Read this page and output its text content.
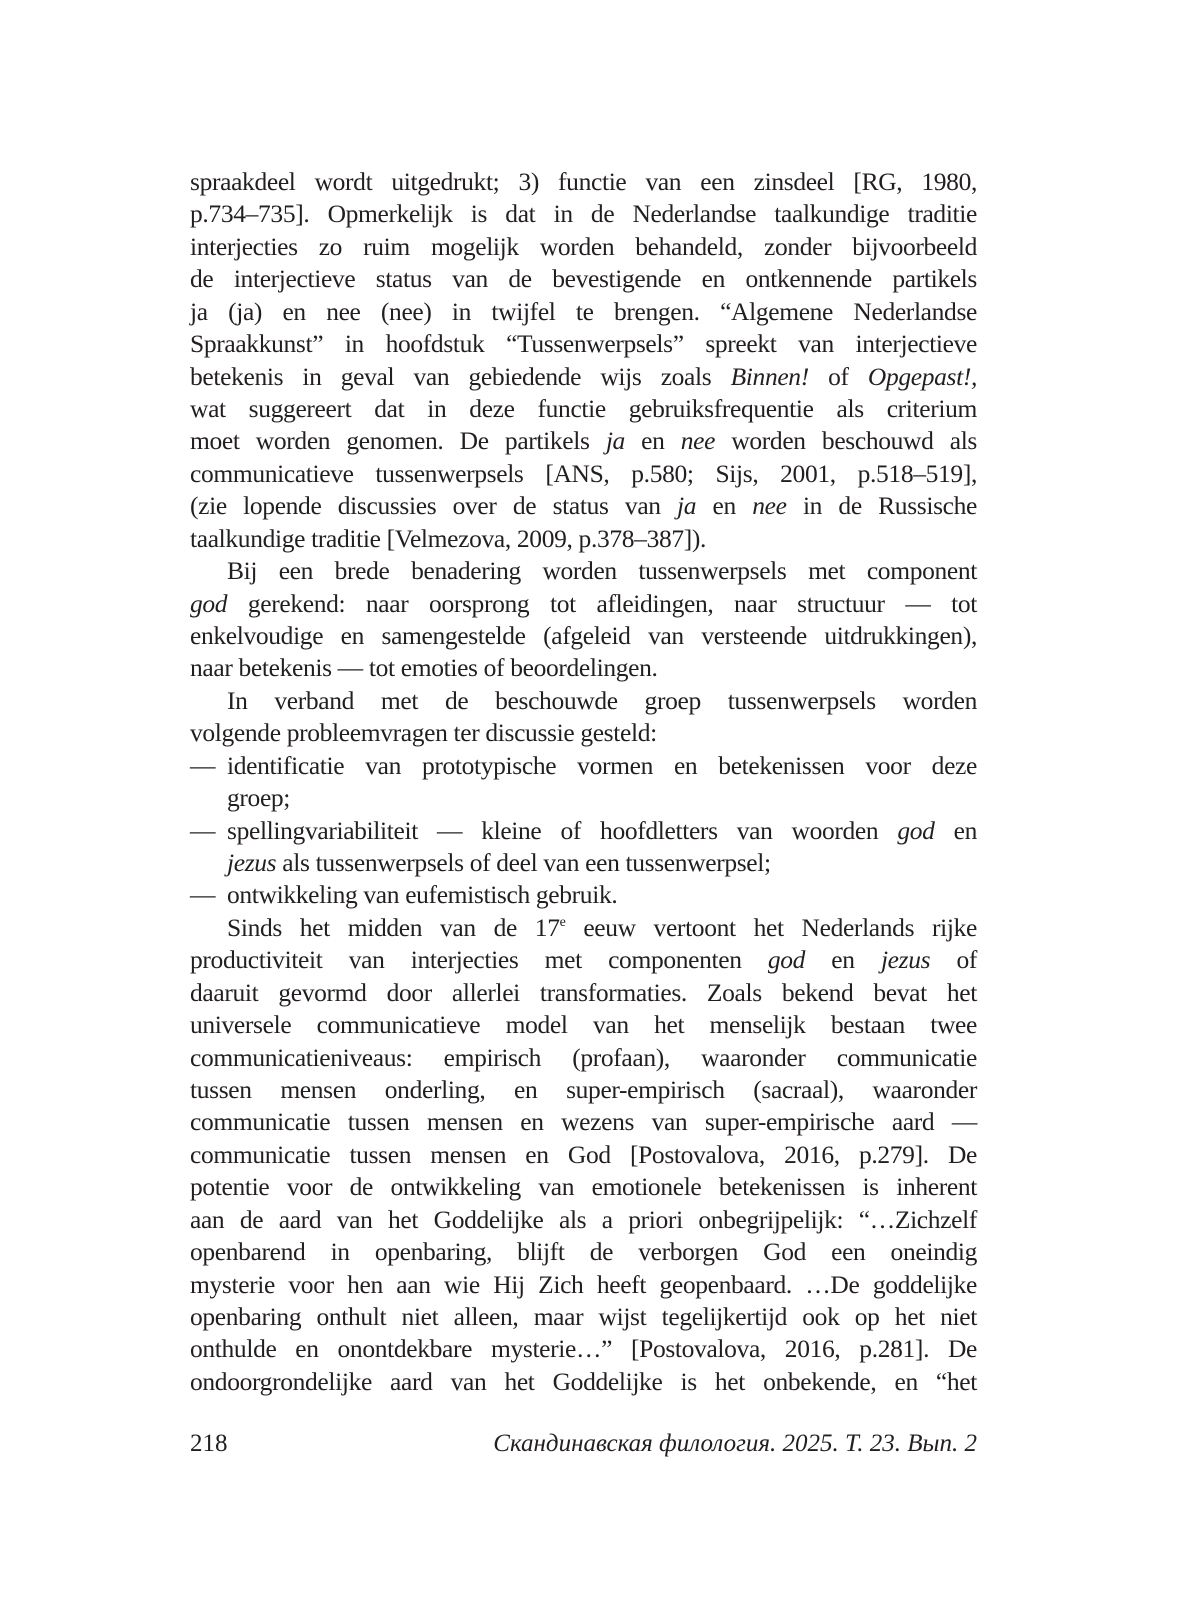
spraakdeel wordt uitgedrukt; 3) functie van een zinsdeel [RG, 1980,
p.734–735]. Opmerkelijk is dat in de Nederlandse taalkundige traditie
interjecties zo ruim mogelijk worden behandeld, zonder bijvoorbeeld
de interjectieve status van de bevestigende en ontkennende partikels
ja (ja) en nee (nee) in twijfel te brengen. “Algemene Nederlandse
Spraakkunst” in hoofdstuk “Tussenwerpsels” spreekt van interjectieve
betekenis in geval van gebiedende wijs zoals Binnen! of Opgepast!,
wat suggereert dat in deze functie gebruiksfrequentie als criterium
moet worden genomen. De partikels ja en nee worden beschouwd als
communicatieve tussenwerpsels [ANS, p.580; Sijs, 2001, p.518–519],
(zie lopende discussies over de status van ja en nee in de Russische
taalkundige traditie [Velmezova, 2009, p.378–387]).
Bij een brede benadering worden tussenwerpsels met component
god gerekend: naar oorsprong tot afleidingen, naar structuur — tot
enkelvoudige en samengestelde (afgeleid van versteende uitdrukkingen),
naar betekenis — tot emoties of beoordelingen.
In verband met de beschouwde groep tussenwerpsels worden
volgende probleemvragen ter discussie gesteld:
— identificatie van prototypische vormen en betekenissen voor deze
groep;
— spellingvariabiliteit — kleine of hoofdletters van woorden god en
jezus als tussenwerpsels of deel van een tussenwerpsel;
— ontwikkeling van eufemistisch gebruik.
Sinds het midden van de 17e eeuw vertoont het Nederlands rijke
productiviteit van interjecties met componenten god en jezus of
daaruit gevormd door allerlei transformaties. Zoals bekend bevat het
universele communicatieve model van het menselijk bestaan twee
communicatieniveaus: empirisch (profaan), waaronder communicatie
tussen mensen onderling, en super-empirisch (sacraal), waaronder
communicatie tussen mensen en wezens van super-empirische aard —
communicatie tussen mensen en God [Postovalova, 2016, p.279]. De
potentie voor de ontwikkeling van emotionele betekenissen is inherent
aan de aard van het Goddelijke als a priori onbegrijpelijk: “…Zichzelf
openbarend in openbaring, blijft de verborgen God een oneindig
mysterie voor hen aan wie Hij Zich heeft geopenbaard. …De goddelijke
openbaring onthult niet alleen, maar wijst tegelijkertijd ook op het niet
onthulde en onontdekbare mysterie…” [Postovalova, 2016, p.281]. De
ondoorgrondelijke aard van het Goddelijke is het onbekende, en “het
218	Скандинавская филология. 2025. Т. 23. Вып. 2
